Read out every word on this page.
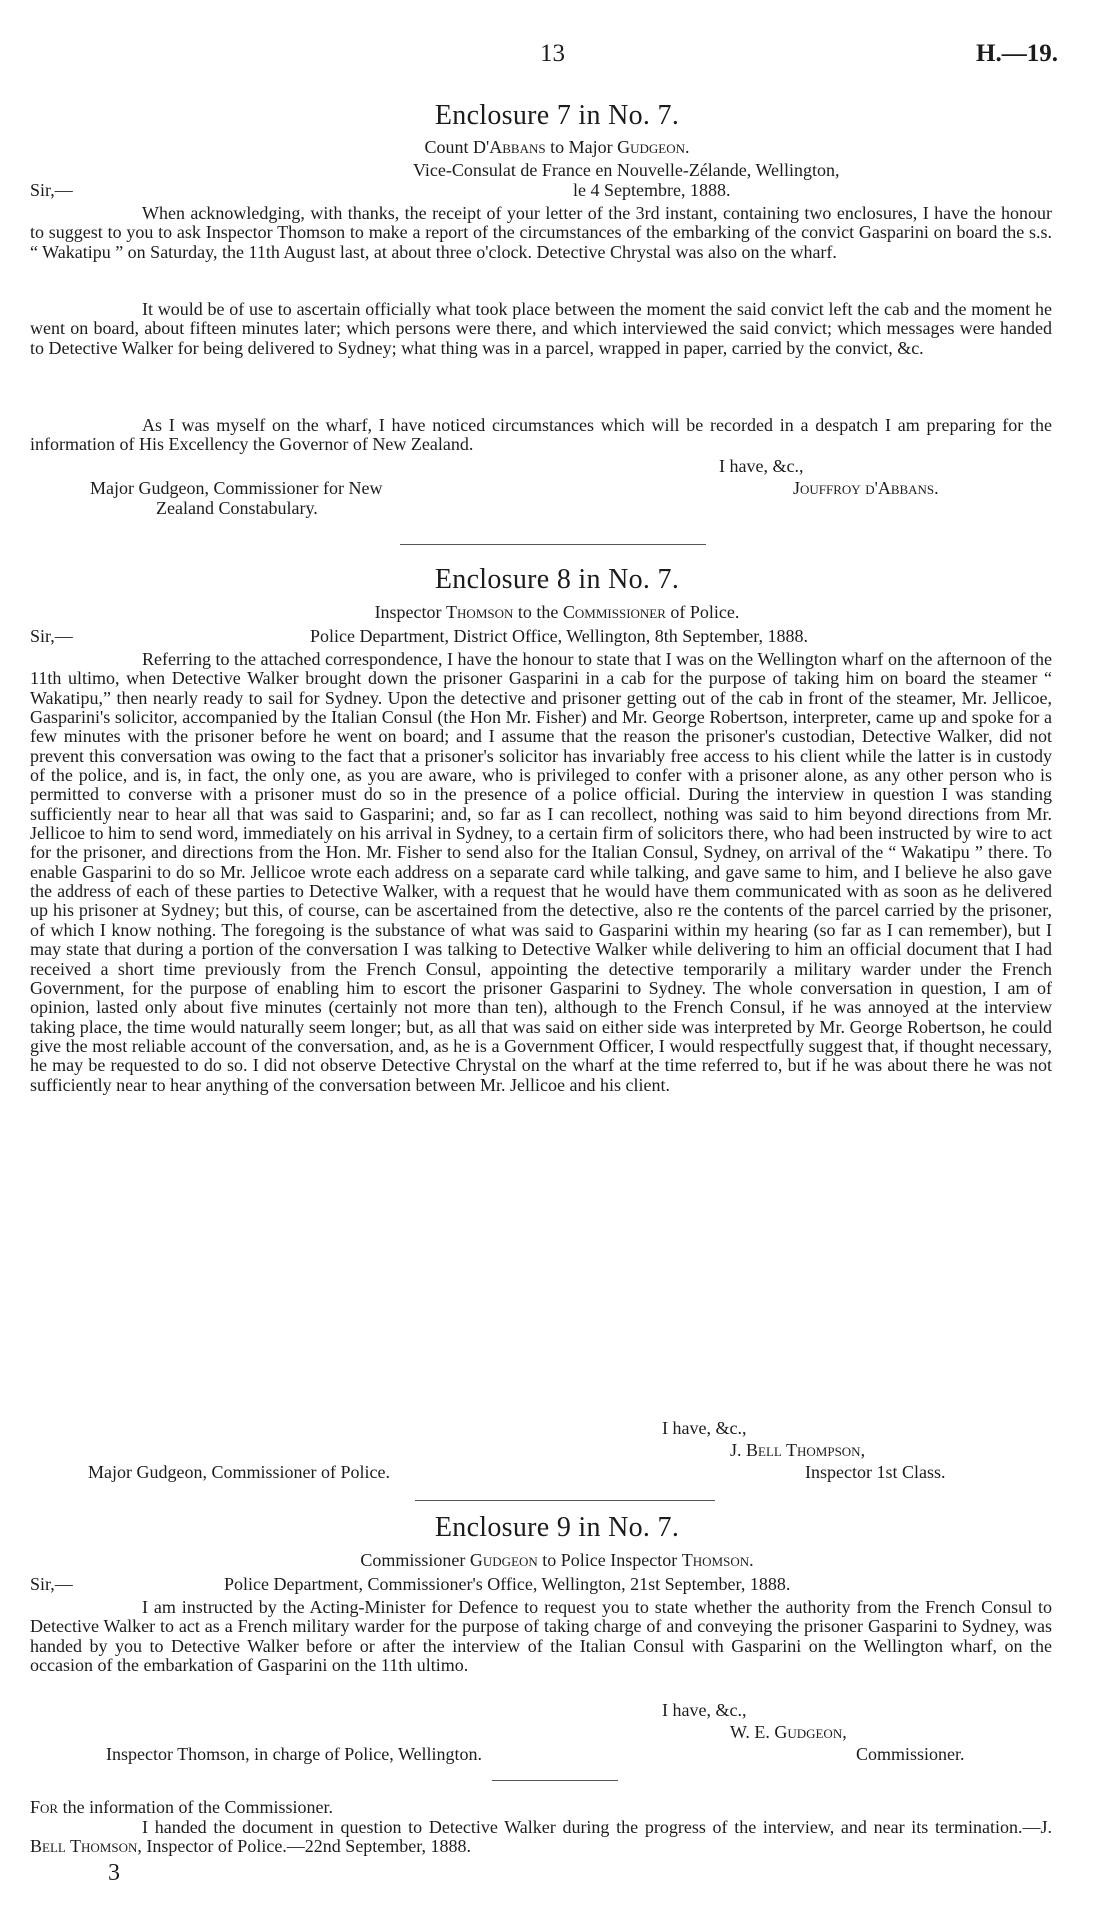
13	H.—19.
Enclosure 7 in No. 7.
Count D'Abbans to Major Gudgeon.
Vice-Consulat de France en Nouvelle-Zélande, Wellington,
Sir,—	le 4 Septembre, 1888.

When acknowledging, with thanks, the receipt of your letter of the 3rd instant, containing two enclosures, I have the honour to suggest to you to ask Inspector Thomson to make a report of the circumstances of the embarking of the convict Gasparini on board the s.s. “ Wakatipu ” on Saturday, the 11th August last, at about three o'clock. Detective Chrystal was also on the wharf.

It would be of use to ascertain officially what took place between the moment the said convict left the cab and the moment he went on board, about fifteen minutes later; which persons were there, and which interviewed the said convict; which messages were handed to Detective Walker for being delivered to Sydney; what thing was in a parcel, wrapped in paper, carried by the convict, &c.

As I was myself on the wharf, I have noticed circumstances which will be recorded in a despatch I am preparing for the information of His Excellency the Governor of New Zealand.

I have, &c.,
Major Gudgeon, Commissioner for New	Jouffroy d'Abbans.
Zealand Constabulary.
Enclosure 8 in No. 7.
Inspector Thomson to the Commissioner of Police.
Sir,—	Police Department, District Office, Wellington, 8th September, 1888.

Referring to the attached correspondence, I have the honour to state that I was on the Wellington wharf on the afternoon of the 11th ultimo, when Detective Walker brought down the prisoner Gasparini in a cab for the purpose of taking him on board the steamer “ Wakatipu,” then nearly ready to sail for Sydney. Upon the detective and prisoner getting out of the cab in front of the steamer, Mr. Jellicoe, Gasparini's solicitor, accompanied by the Italian Consul (the Hon Mr. Fisher) and Mr. George Robertson, interpreter, came up and spoke for a few minutes with the prisoner before he went on board; and I assume that the reason the prisoner's custodian, Detective Walker, did not prevent this conversation was owing to the fact that a prisoner's solicitor has invariably free access to his client while the latter is in custody of the police, and is, in fact, the only one, as you are aware, who is privileged to confer with a prisoner alone, as any other person who is permitted to converse with a prisoner must do so in the presence of a police official. During the interview in question I was standing sufficiently near to hear all that was said to Gasparini; and, so far as I can recollect, nothing was said to him beyond directions from Mr. Jellicoe to him to send word, immediately on his arrival in Sydney, to a certain firm of solicitors there, who had been instructed by wire to act for the prisoner, and directions from the Hon. Mr. Fisher to send also for the Italian Consul, Sydney, on arrival of the “ Wakatipu ” there. To enable Gasparini to do so Mr. Jellicoe wrote each address on a separate card while talking, and gave same to him, and I believe he also gave the address of each of these parties to Detective Walker, with a request that he would have them communicated with as soon as he delivered up his prisoner at Sydney; but this, of course, can be ascertained from the detective, also re the contents of the parcel carried by the prisoner, of which I know nothing. The foregoing is the substance of what was said to Gasparini within my hearing (so far as I can remember), but I may state that during a portion of the conversation I was talking to Detective Walker while delivering to him an official document that I had received a short time previously from the French Consul, appointing the detective temporarily a military warder under the French Government, for the purpose of enabling him to escort the prisoner Gasparini to Sydney. The whole conversation in question, I am of opinion, lasted only about five minutes (certainly not more than ten), although to the French Consul, if he was annoyed at the interview taking place, the time would naturally seem longer; but, as all that was said on either side was interpreted by Mr. George Robertson, he could give the most reliable account of the conversation, and, as he is a Government Officer, I would respectfully suggest that, if thought necessary, he may be requested to do so. I did not observe Detective Chrystal on the wharf at the time referred to, but if he was about there he was not sufficiently near to hear anything of the conversation between Mr. Jellicoe and his client.

I have, &c.,
J. Bell Thompson,
Major Gudgeon, Commissioner of Police.	Inspector 1st Class.
Enclosure 9 in No. 7.
Commissioner Gudgeon to Police Inspector Thomson.
Sir,—	Police Department, Commissioner's Office, Wellington, 21st September, 1888.

I am instructed by the Acting-Minister for Defence to request you to state whether the authority from the French Consul to Detective Walker to act as a French military warder for the purpose of taking charge of and conveying the prisoner Gasparini to Sydney, was handed by you to Detective Walker before or after the interview of the Italian Consul with Gasparini on the Wellington wharf, on the occasion of the embarkation of Gasparini on the 11th ultimo.

I have, &c.,
W. E. Gudgeon,
Inspector Thomson, in charge of Police, Wellington.	Commissioner.
For the information of the Commissioner.

I handed the document in question to Detective Walker during the progress of the interview, and near its termination.—J. Bell Thomson, Inspector of Police.—22nd September, 1888.

3
